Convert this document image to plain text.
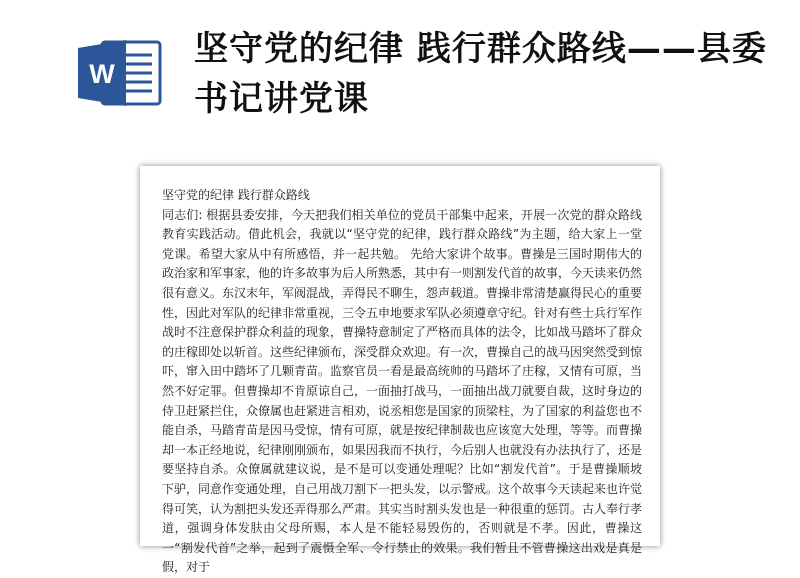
W
坚守党的纪律 践行群众路线——县委书记讲党课
坚守党的纪律 践行群众路线
同志们: 根据县委安排，今天把我们相关单位的党员干部集中起来，开展一次党的群众路线教育实践活动。借此机会，我就以“坚守党的纪律，践行群众路线”为主题，给大家上一堂党课。希望大家从中有所感悟，并一起共勉。 先给大家讲个故事。曹操是三国时期伟大的政治家和军事家，他的许多故事为后人所熟悉，其中有一则割发代首的故事，今天读来仍然很有意义。东汉末年，军阀混战，弄得民不聊生，怨声载道。曹操非常清楚赢得民心的重要性，因此对军队的纪律非常重视，三令五申地要求军队必须遵章守纪。针对有些士兵行军作战时不注意保护群众利益的现象，曹操特意制定了严格而具体的法令，比如战马踏坏了群众的庄稼即处以斩首。这些纪律颁布，深受群众欢迎。有一次，曹操自己的战马因突然受到惊吓，窜入田中踏坏了几颗青苗。监察官员一看是最高统帅的马踏坏了庄稼，又情有可原，当然不好定罪。但曹操却不肯原谅自己，一面抽打战马，一面抽出战刀就要自裁，这时身边的侍卫赶紧拦住，众僚属也赶紧进言相劝，说丞相您是国家的顶梁柱，为了国家的利益您也不能自杀，马踏青苗是因马受惊，情有可原，就是按纪律制裁也应该宽大处理，等等。而曹操却一本正经地说，纪律刚刚颁布，如果因我而不执行，今后别人也就没有办法执行了，还是要坚持自杀。众僚属就建议说，是不是可以变通处理呢？比如“割发代首”。于是曹操顺坡下驴，同意作变通处理，自己用战刀割下一把头发，以示警戒。这个故事今天读起来也许觉得可笑，认为割把头发还弄得那么严肃。其实当时割头发也是一种很重的惩罚。古人奉行孝道，强调身体发肤由父母所赐，本人是不能轻易毁伤的，否则就是不孝。因此，曹操这一“割发代首”之举，起到了震慑全军、令行禁止的效果。我们暂且不管曹操这出戏是真是假，对于
